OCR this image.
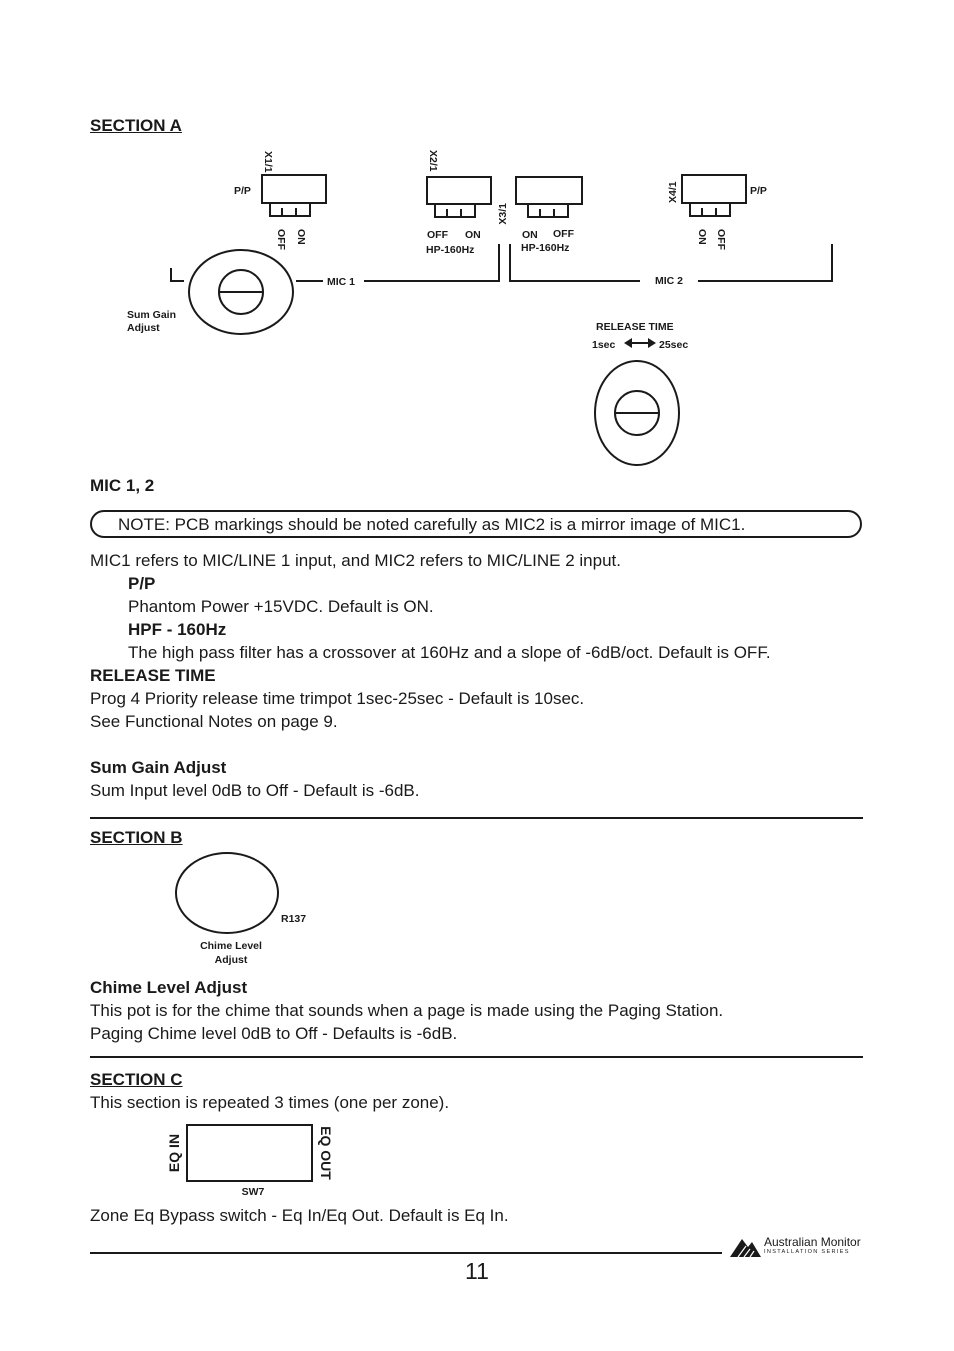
SECTION A
X1/1	X2/1
X3/1
X4/1
P/P	P/P
OFF ON	ON OFF
OFF ON
HP-160Hz
ON OFF
HP-160Hz
MIC 1	MIC 2
Sum Gain
Adjust	RELEASE TIME
1sec	25sec
MIC 1, 2
NOTE: PCB markings should be noted carefully as MIC2 is a mirror image of MIC1.
MIC1 refers to MIC/LINE 1 input, and MIC2 refers to MIC/LINE 2 input.
P/P
Phantom Power +15VDC. Default is ON.
HPF - 160Hz
The high pass filter has a crossover at 160Hz and a slope of -6dB/oct. Default is OFF.
RELEASE TIME
Prog 4 Priority release time trimpot 1sec-25sec - Default is 10sec.
See Functional Notes on page 9.
Sum Gain Adjust
Sum Input level 0dB to Off - Default is -6dB.
SECTION B
R137
Chime Level
Adjust
Chime Level Adjust
This pot is for the chime that sounds when a page is made using the Paging Station.
Paging Chime level 0dB to Off - Defaults is -6dB.
SECTION C
This section is repeated 3 times (one per zone).
EQ IN	EQ OUT
SW7
Zone Eq Bypass switch - Eq In/Eq Out. Default is Eq In.
Australian Monitor
INSTALLATION SERIES
11
